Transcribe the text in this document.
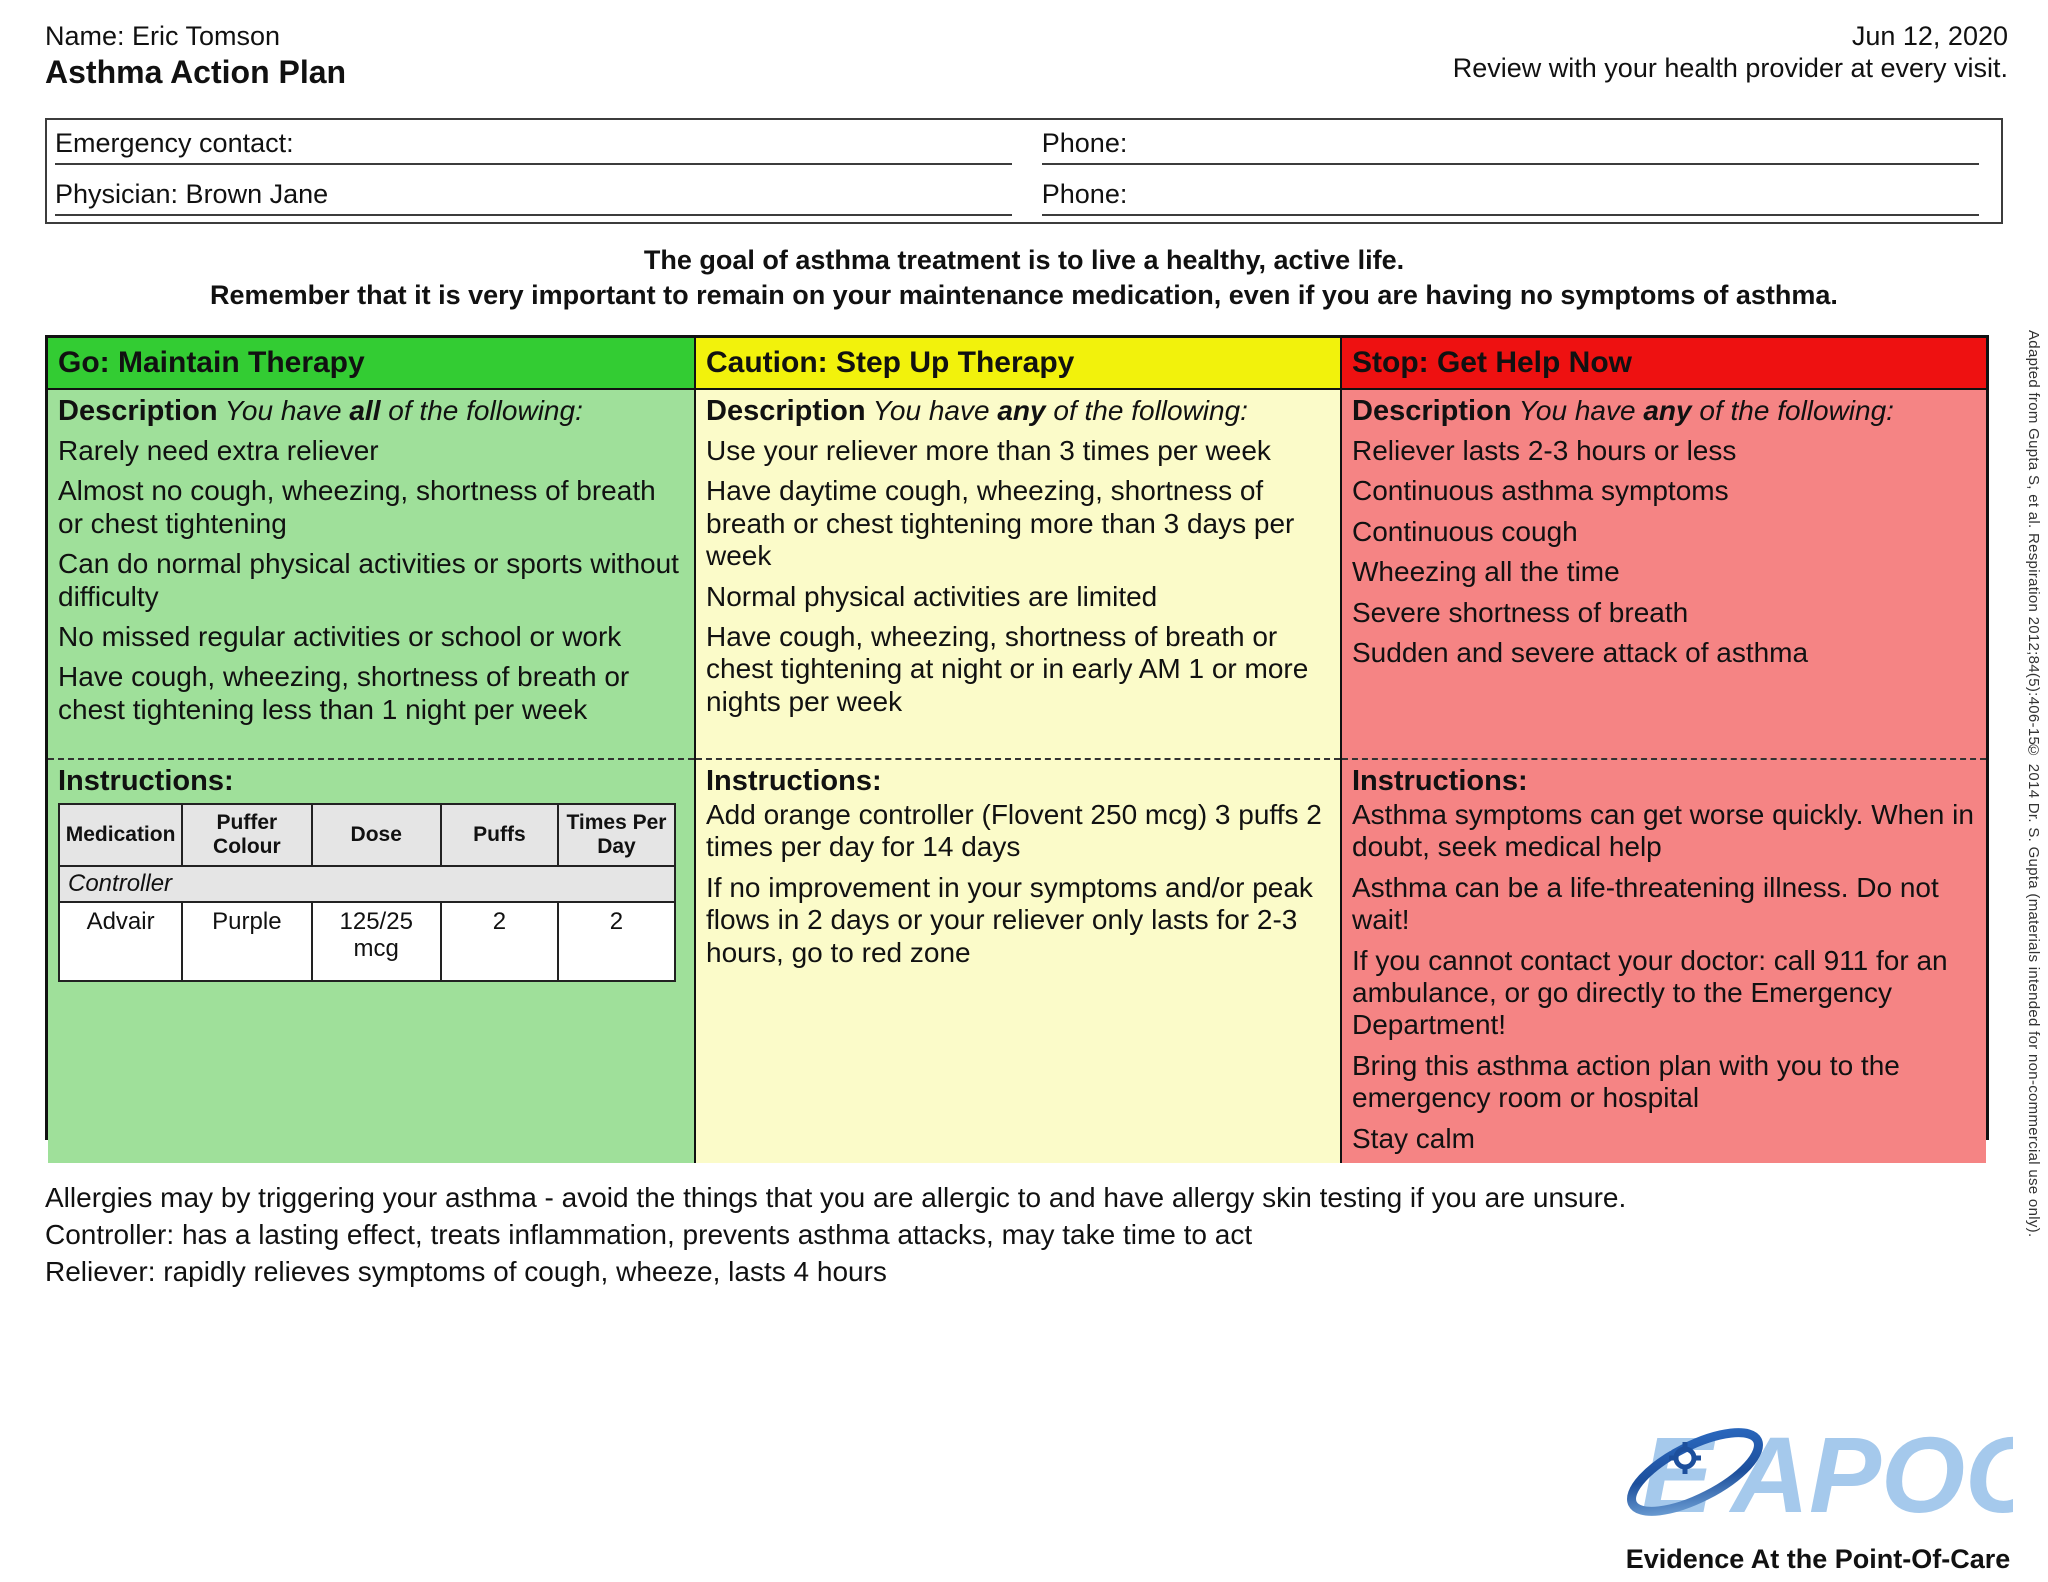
Name: Eric Tomson
Asthma Action Plan
Jun 12, 2020
Review with your health provider at every visit.
Emergency contact:	Phone:
Physician: Brown Jane	Phone:
The goal of asthma treatment is to live a healthy, active life.
Remember that it is very important to remain on your maintenance medication, even if you are having no symptoms of asthma.
Go: Maintain Therapy
Description You have all of the following:
Rarely need extra reliever
Almost no cough, wheezing, shortness of breath or chest tightening
Can do normal physical activities or sports without difficulty
No missed regular activities or school or work
Have cough, wheezing, shortness of breath or chest tightening less than 1 night per week
Instructions:
Medication	Puffer Colour	Dose	Puffs	Times Per Day
Controller				
Advair	Purple	125/25 mcg	2	2
Caution: Step Up Therapy
Description You have any of the following:
Use your reliever more than 3 times per week
Have daytime cough, wheezing, shortness of breath or chest tightening more than 3 days per week
Normal physical activities are limited
Have cough, wheezing, shortness of breath or chest tightening at night or in early AM 1 or more nights per week
Instructions:
Add orange controller (Flovent 250 mcg) 3 puffs 2 times per day for 14 days
If no improvement in your symptoms and/or peak flows in 2 days or your reliever only lasts for 2-3 hours, go to red zone
Stop: Get Help Now
Description You have any of the following:
Reliever lasts 2-3 hours or less
Continuous asthma symptoms
Continuous cough
Wheezing all the time
Severe shortness of breath
Sudden and severe attack of asthma
Instructions:
Asthma symptoms can get worse quickly. When in doubt, seek medical help
Asthma can be a life-threatening illness. Do not wait!
If you cannot contact your doctor: call 911 for an ambulance, or go directly to the Emergency Department!
Bring this asthma action plan with you to the emergency room or hospital
Stay calm
Allergies may by triggering your asthma - avoid the things that you are allergic to and have allergy skin testing if you are unsure.
Controller: has a lasting effect, treats inflammation, prevents asthma attacks, may take time to act
Reliever: rapidly relieves symptoms of cough, wheeze, lasts 4 hours
Adapted from Gupta S, et al. Respiration 2012;84(5):406-15.
© 2014 Dr. S. Gupta (materials intended for non-commercial use only).
E APOC
Evidence At the Point-Of-Care
